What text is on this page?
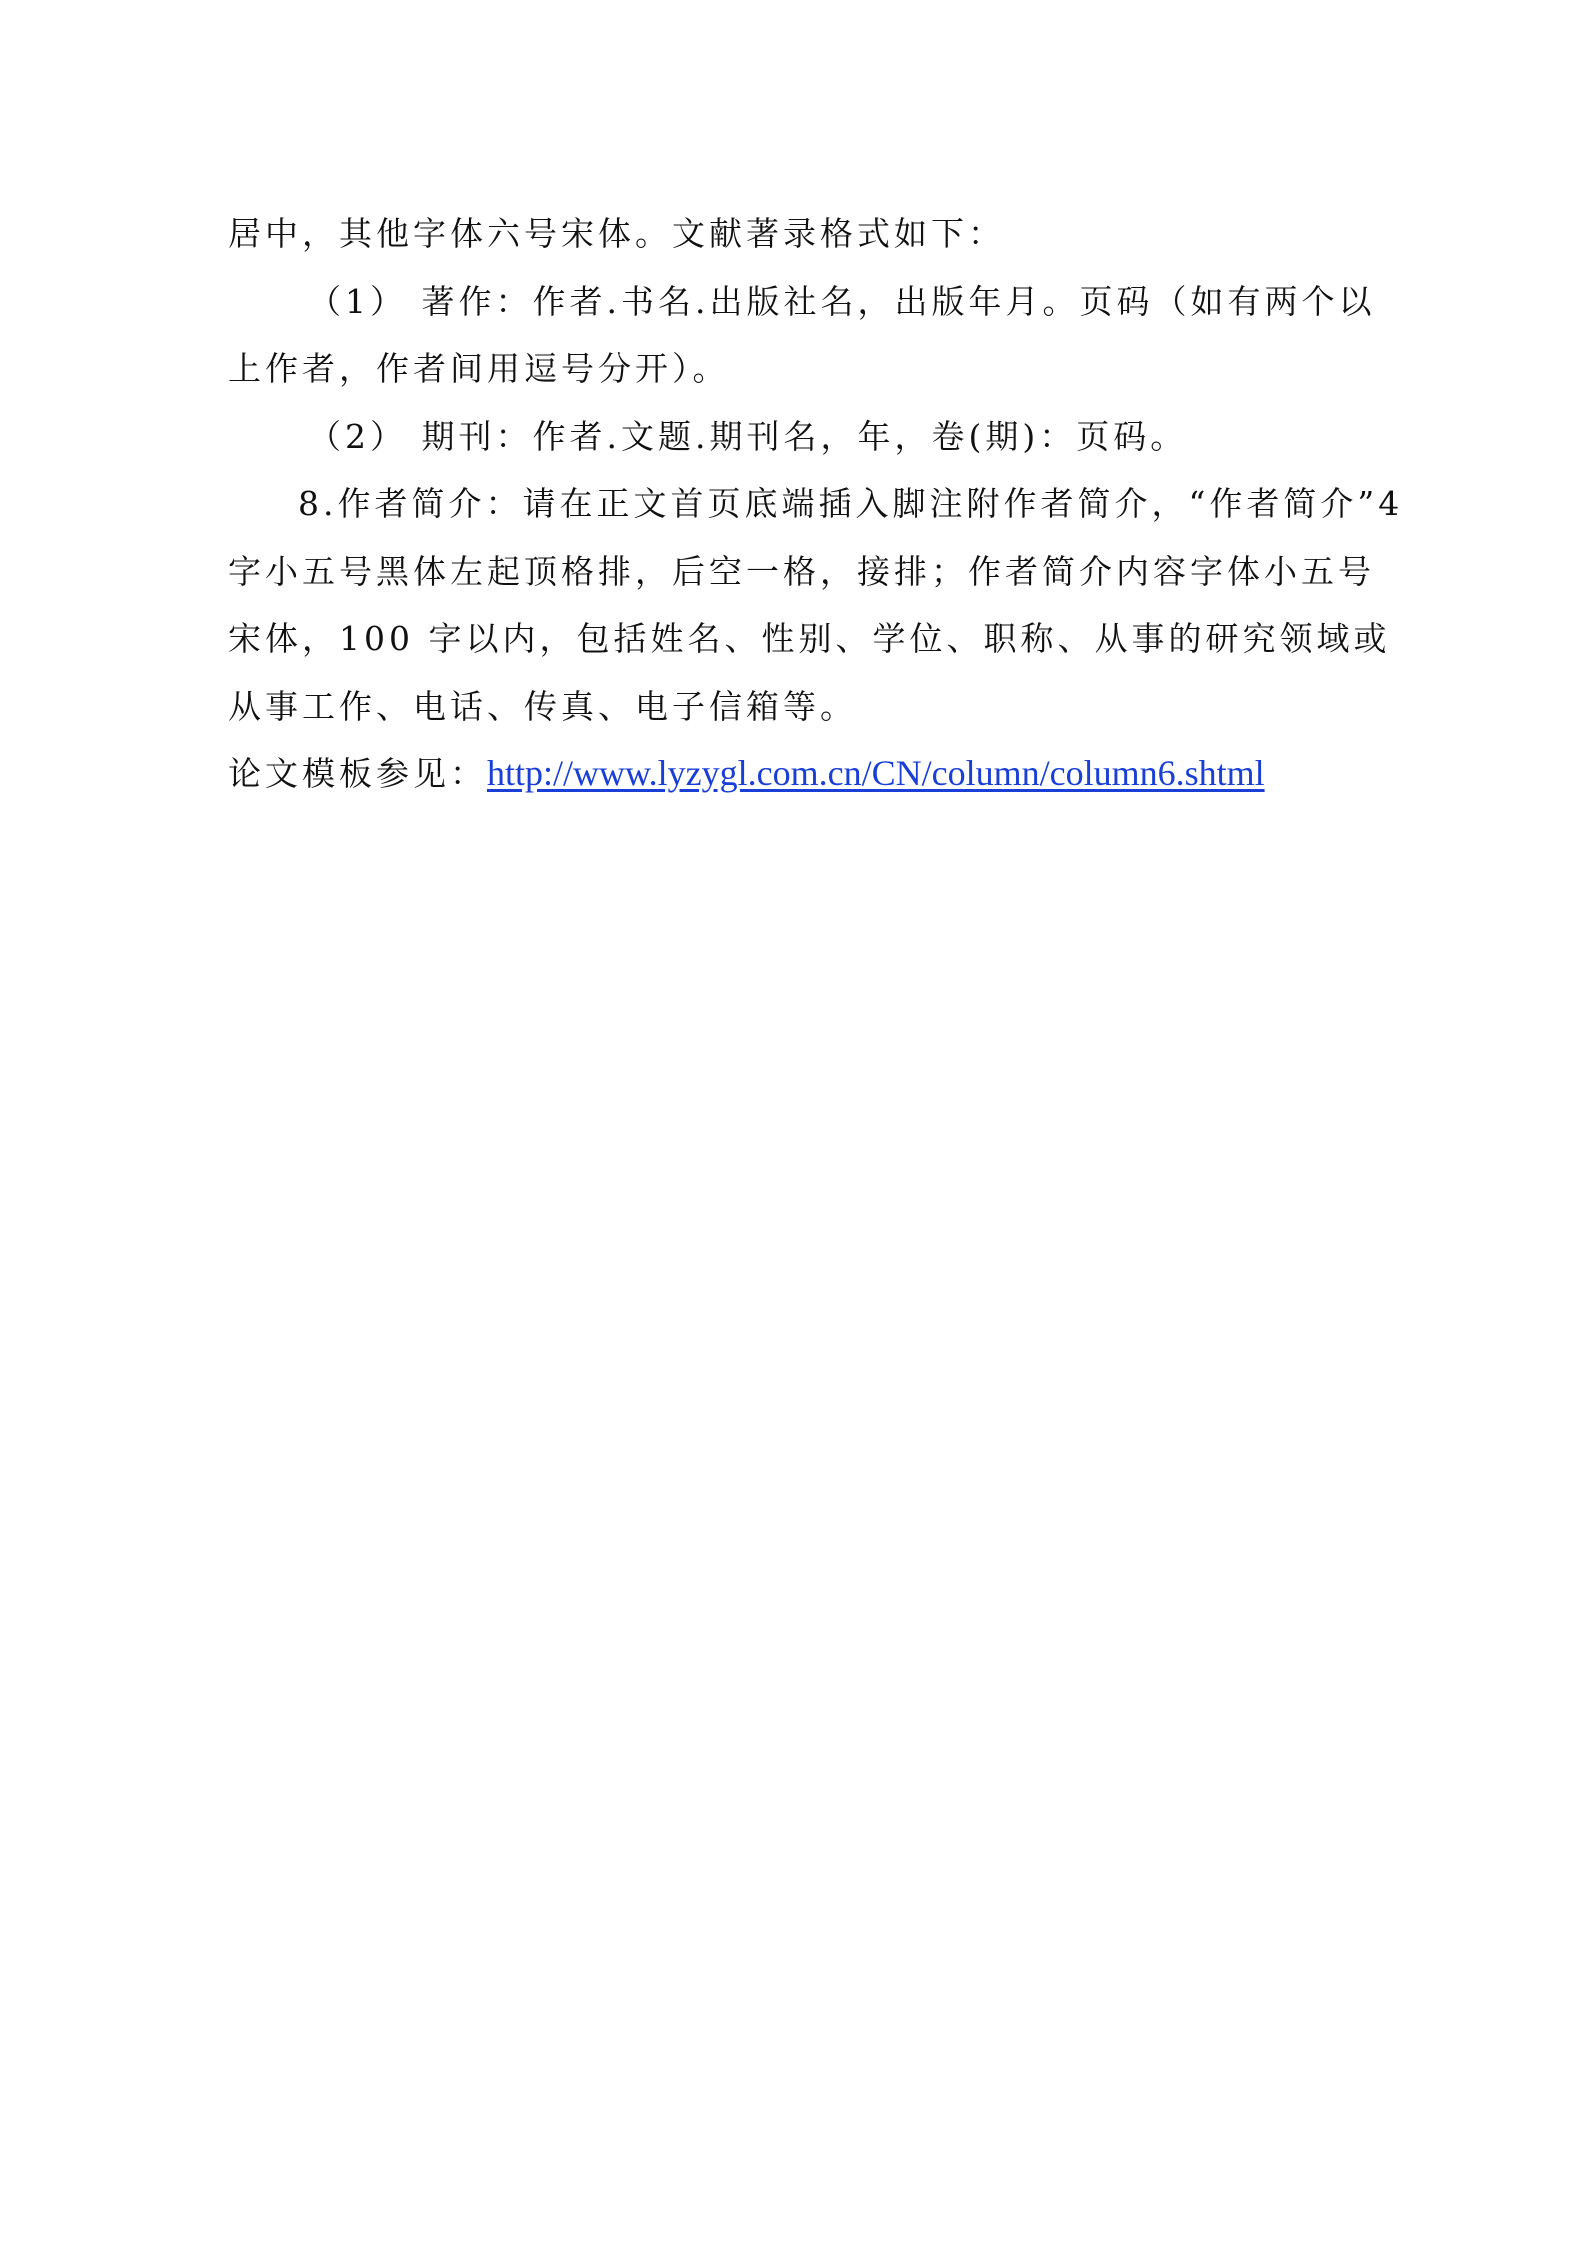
居中，其他字体六号宋体。文献著录格式如下：
（1） 著作：作者.书名.出版社名，出版年月。页码（如有两个以
上作者，作者间用逗号分开）。
（2） 期刊：作者.文题.期刊名，年，卷(期)：页码。
8.作者简介：请在正文首页底端插入脚注附作者简介，“作者简介”4
字小五号黑体左起顶格排，后空一格，接排；作者简介内容字体小五号
宋体，100 字以内，包括姓名、性别、学位、职称、从事的研究领域或
从事工作、电话、传真、电子信箱等。
论文模板参见：http://www.lyzygl.com.cn/CN/column/column6.shtml
